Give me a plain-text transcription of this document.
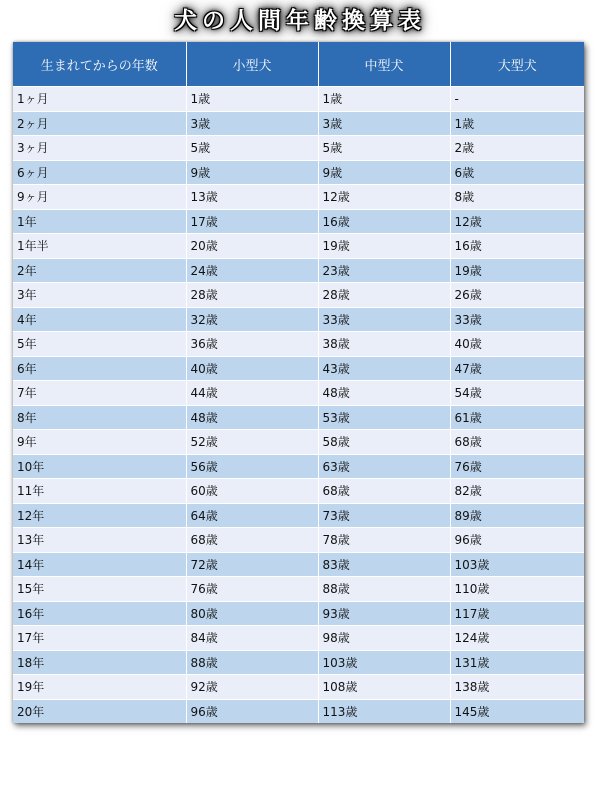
犬の人間年齢換算表
生まれてからの年数	小型犬	中型犬	大型犬
1ヶ月	1歳	1歳	-
2ヶ月	3歳	3歳	1歳
3ヶ月	5歳	5歳	2歳
6ヶ月	9歳	9歳	6歳
9ヶ月	13歳	12歳	8歳
1年	17歳	16歳	12歳
1年半	20歳	19歳	16歳
2年	24歳	23歳	19歳
3年	28歳	28歳	26歳
4年	32歳	33歳	33歳
5年	36歳	38歳	40歳
6年	40歳	43歳	47歳
7年	44歳	48歳	54歳
8年	48歳	53歳	61歳
9年	52歳	58歳	68歳
10年	56歳	63歳	76歳
11年	60歳	68歳	82歳
12年	64歳	73歳	89歳
13年	68歳	78歳	96歳
14年	72歳	83歳	103歳
15年	76歳	88歳	110歳
16年	80歳	93歳	117歳
17年	84歳	98歳	124歳
18年	88歳	103歳	131歳
19年	92歳	108歳	138歳
20年	96歳	113歳	145歳
